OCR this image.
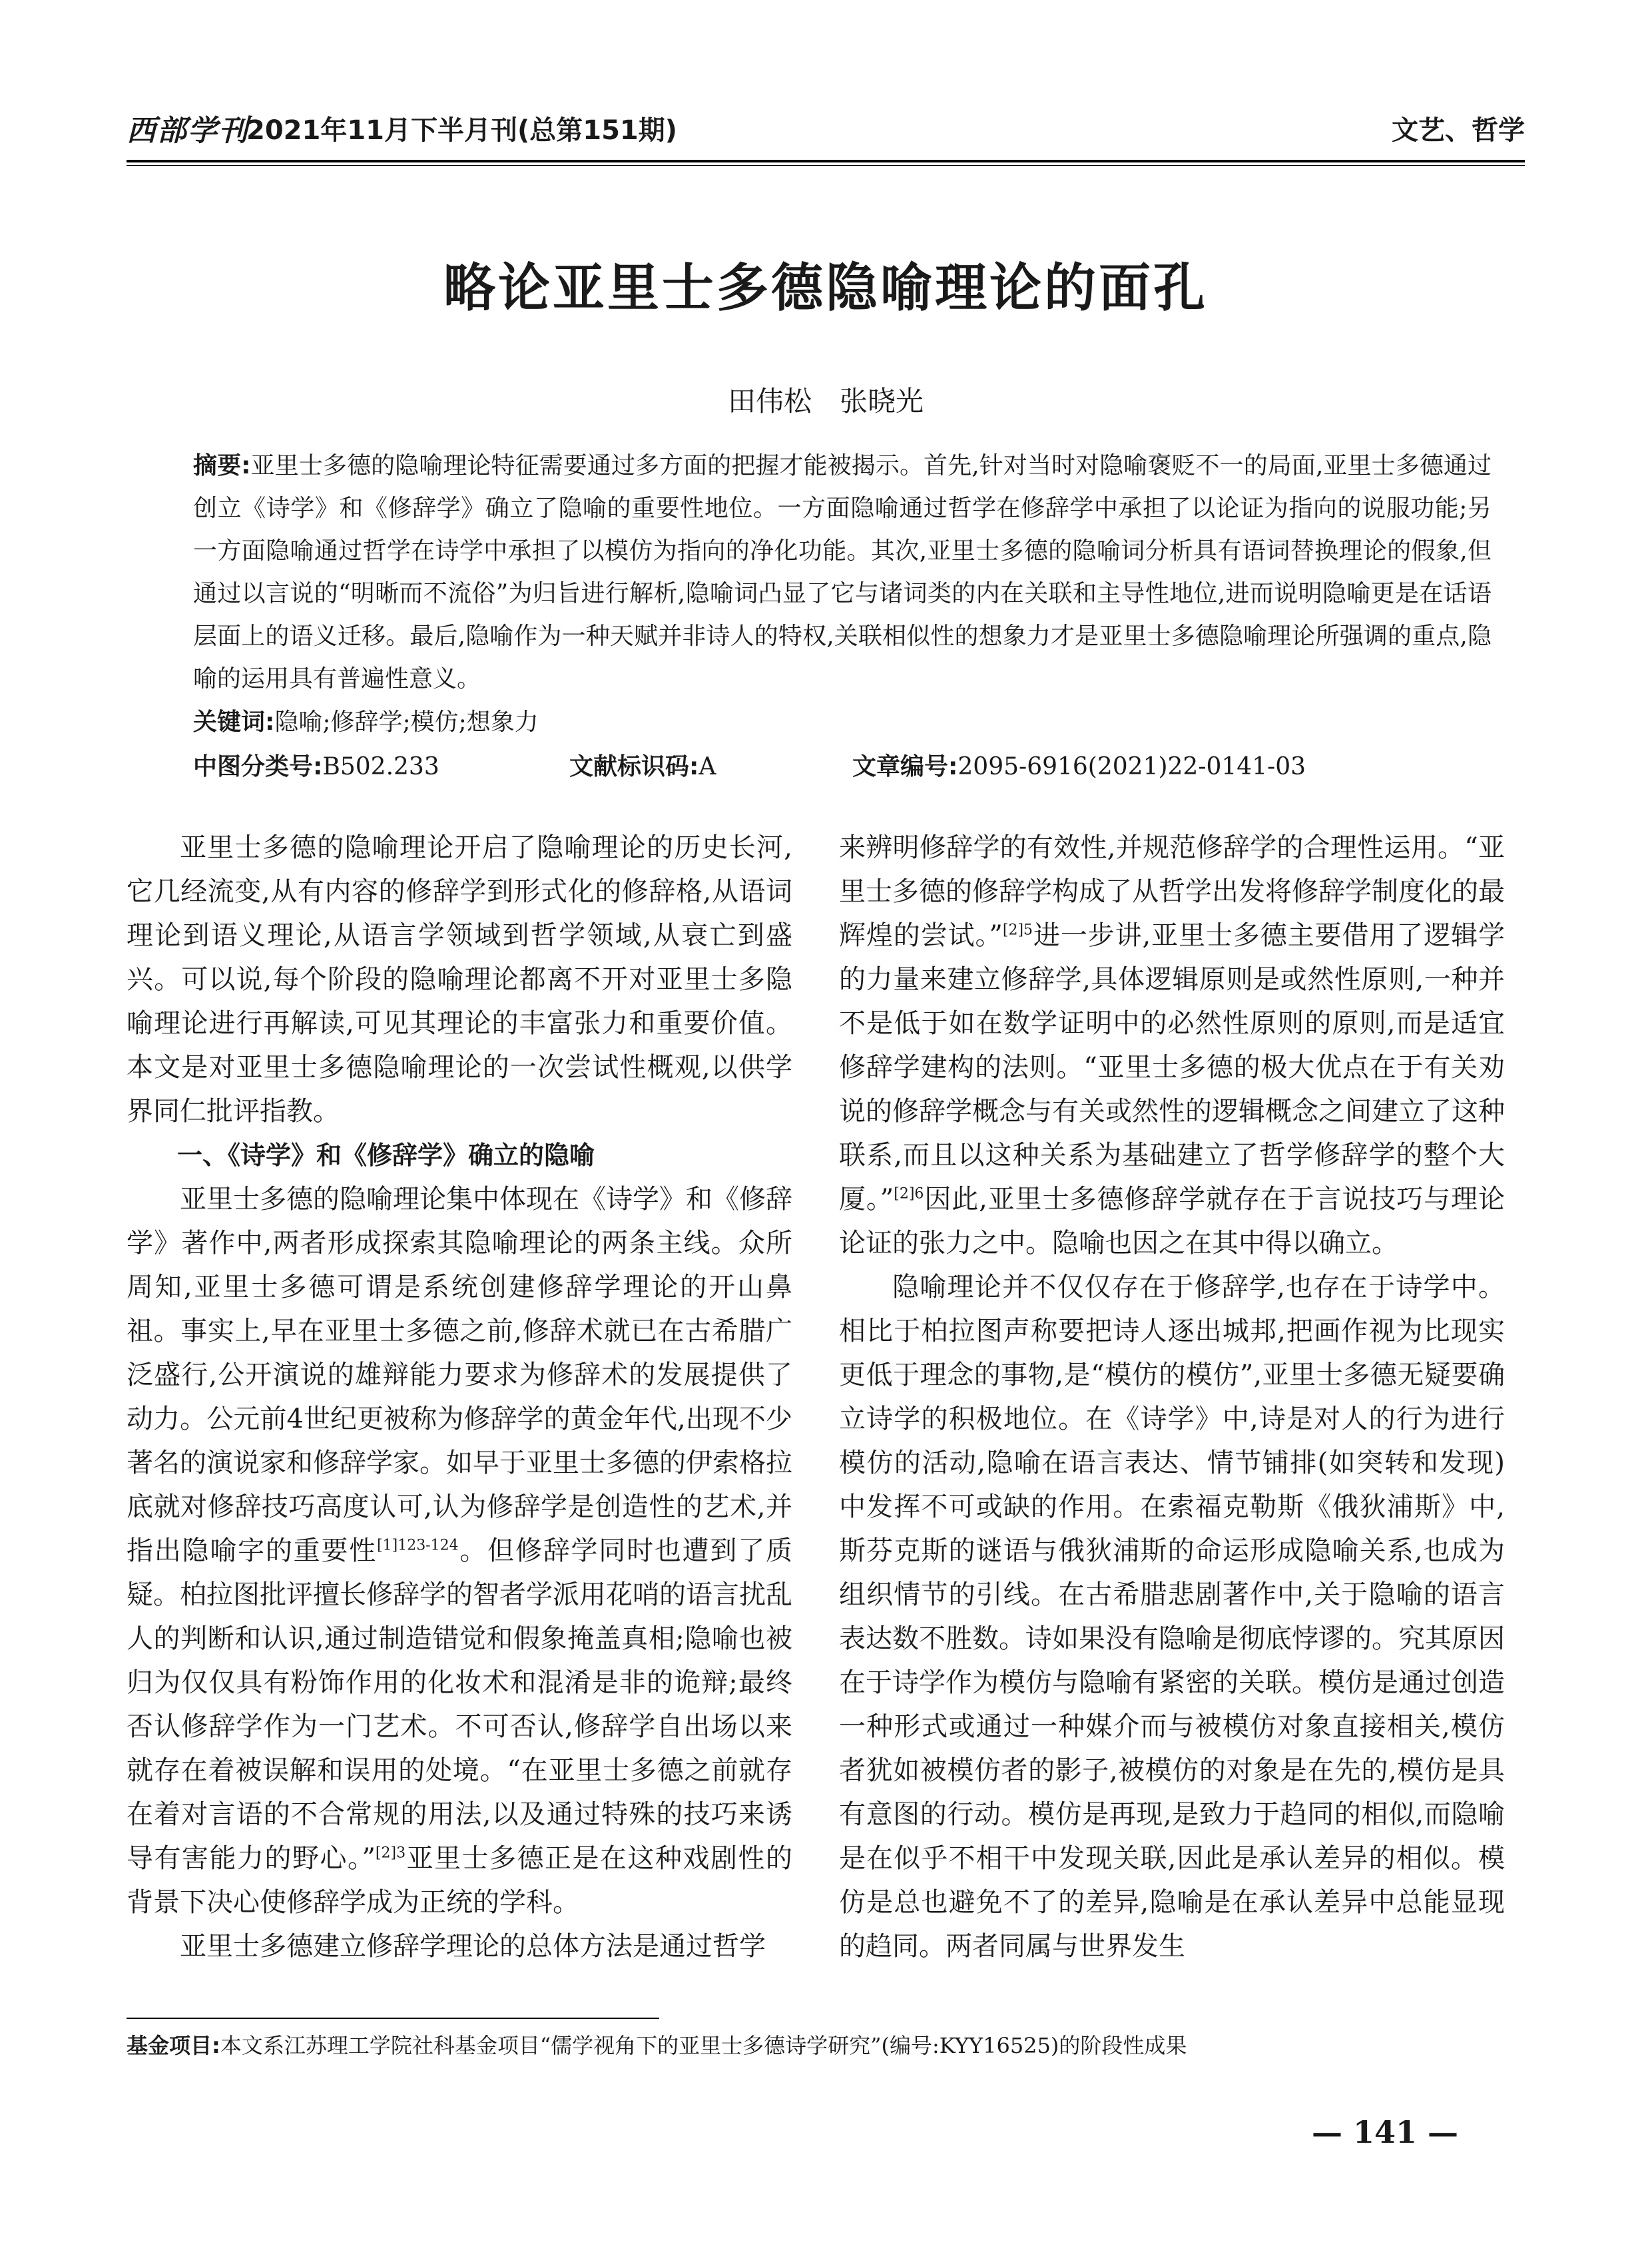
西部学刊
2021年11月下半月刊(总第151期)	文艺、哲学
略论亚里士多德隐喻理论的面孔
田伟松　张晓光
摘要:亚里士多德的隐喻理论特征需要通过多方面的把握才能被揭示。首先,针对当时对隐喻褒贬不一的局面,亚里士多德通过创立《诗学》和《修辞学》确立了隐喻的重要性地位。一方面隐喻通过哲学在修辞学中承担了以论证为指向的说服功能;另一方面隐喻通过哲学在诗学中承担了以模仿为指向的净化功能。其次,亚里士多德的隐喻词分析具有语词替换理论的假象,但通过以言说的“明晰而不流俗”为归旨进行解析,隐喻词凸显了它与诸词类的内在关联和主导性地位,进而说明隐喻更是在话语层面上的语义迁移。最后,隐喻作为一种天赋并非诗人的特权,关联相似性的想象力才是亚里士多德隐喻理论所强调的重点,隐喻的运用具有普遍性意义。
关键词:隐喻;修辞学;模仿;想象力
中图分类号:B502.233	文献标识码:A	文章编号:2095-6916(2021)22-0141-03

亚里士多德的隐喻理论开启了隐喻理论的历史长河,它几经流变,从有内容的修辞学到形式化的修辞格,从语词理论到语义理论,从语言学领域到哲学领域,从衰亡到盛兴。可以说,每个阶段的隐喻理论都离不开对亚里士多隐喻理论进行再解读,可见其理论的丰富张力和重要价值。本文是对亚里士多德隐喻理论的一次尝试性概观,以供学界同仁批评指教。

一、《诗学》和《修辞学》确立的隐喻

亚里士多德的隐喻理论集中体现在《诗学》和《修辞学》著作中,两者形成探索其隐喻理论的两条主线。众所周知,亚里士多德可谓是系统创建修辞学理论的开山鼻祖。事实上,早在亚里士多德之前,修辞术就已在古希腊广泛盛行,公开演说的雄辩能力要求为修辞术的发展提供了动力。公元前4世纪更被称为修辞学的黄金年代,出现不少著名的演说家和修辞学家。如早于亚里士多德的伊索格拉底就对修辞技巧高度认可,认为修辞学是创造性的艺术,并指出隐喻字的重要性$^{[1]123-124}$。但修辞学同时也遭到了质疑。柏拉图批评擅长修辞学的智者学派用花哨的语言扰乱人的判断和认识,通过制造错觉和假象掩盖真相;隐喻也被归为仅仅具有粉饰作用的化妆术和混淆是非的诡辩;最终否认修辞学作为一门艺术。不可否认,修辞学自出场以来就存在着被误解和误用的处境。“在亚里士多德之前就存在着对言语的不合常规的用法,以及通过特殊的技巧来诱导有害能力的野心。”$^{[2]3}$亚里士多德正是在这种戏剧性的背景下决心使修辞学成为正统的学科。

亚里士多德建立修辞学理论的总体方法是通过哲学

来辨明修辞学的有效性,并规范修辞学的合理性运用。“亚里士多德的修辞学构成了从哲学出发将修辞学制度化的最辉煌的尝试。”$^{[2]5}$进一步讲,亚里士多德主要借用了逻辑学的力量来建立修辞学,具体逻辑原则是或然性原则,一种并不是低于如在数学证明中的必然性原则的原则,而是适宜修辞学建构的法则。“亚里士多德的极大优点在于有关劝说的修辞学概念与有关或然性的逻辑概念之间建立了这种联系,而且以这种关系为基础建立了哲学修辞学的整个大厦。”$^{[2]6}$因此,亚里士多德修辞学就存在于言说技巧与理论论证的张力之中。隐喻也因之在其中得以确立。

隐喻理论并不仅仅存在于修辞学,也存在于诗学中。相比于柏拉图声称要把诗人逐出城邦,把画作视为比现实更低于理念的事物,是“模仿的模仿”,亚里士多德无疑要确立诗学的积极地位。在《诗学》中,诗是对人的行为进行模仿的活动,隐喻在语言表达、情节铺排(如突转和发现)中发挥不可或缺的作用。在索福克勒斯《俄狄浦斯》中,斯芬克斯的谜语与俄狄浦斯的命运形成隐喻关系,也成为组织情节的引线。在古希腊悲剧著作中,关于隐喻的语言表达数不胜数。诗如果没有隐喻是彻底悖谬的。究其原因在于诗学作为模仿与隐喻有紧密的关联。模仿是通过创造一种形式或通过一种媒介而与被模仿对象直接相关,模仿者犹如被模仿者的影子,被模仿的对象是在先的,模仿是具有意图的行动。模仿是再现,是致力于趋同的相似,而隐喻是在似乎不相干中发现关联,因此是承认差异的相似。模仿是总也避免不了的差异,隐喻是在承认差异中总能显现的趋同。两者同属与世界发生

基金项目:本文系江苏理工学院社科基金项目“儒学视角下的亚里士多德诗学研究”(编号:KYY16525)的阶段性成果
— 141 —
